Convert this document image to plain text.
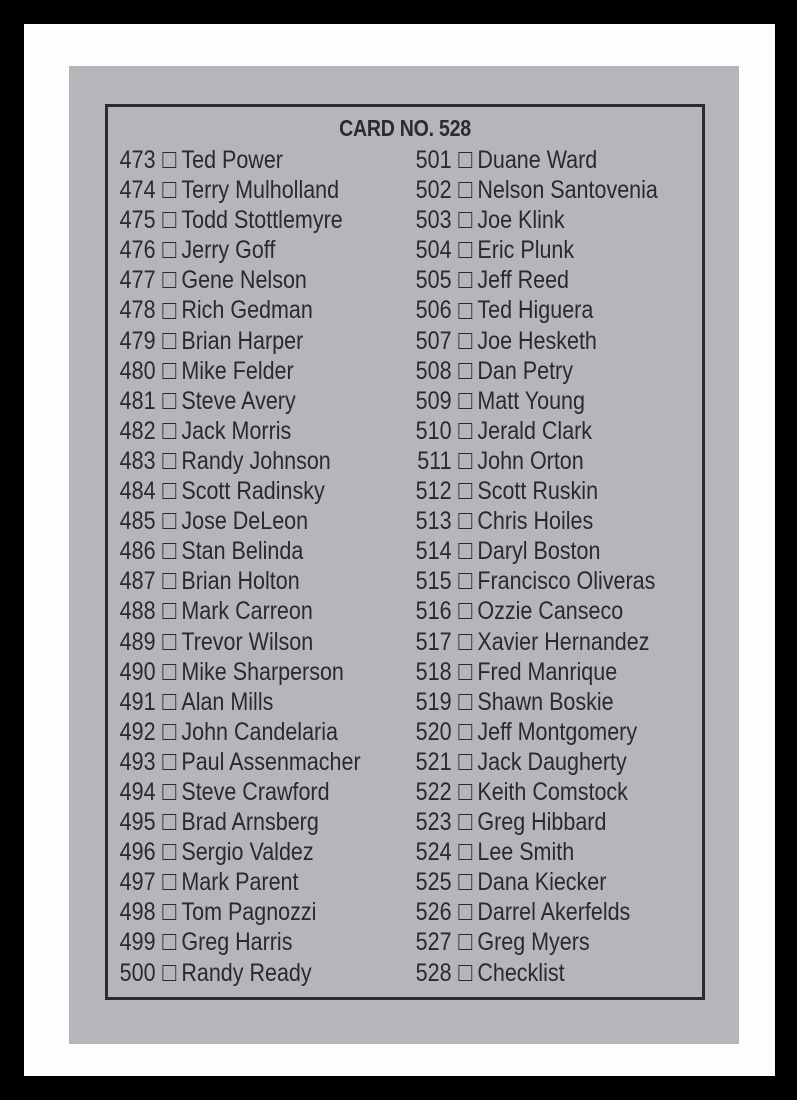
CARD NO. 528
473 Ted Power
474 Terry Mulholland
475 Todd Stottlemyre
476 Jerry Goff
477 Gene Nelson
478 Rich Gedman
479 Brian Harper
480 Mike Felder
481 Steve Avery
482 Jack Morris
483 Randy Johnson
484 Scott Radinsky
485 Jose DeLeon
486 Stan Belinda
487 Brian Holton
488 Mark Carreon
489 Trevor Wilson
490 Mike Sharperson
491 Alan Mills
492 John Candelaria
493 Paul Assenmacher
494 Steve Crawford
495 Brad Arnsberg
496 Sergio Valdez
497 Mark Parent
498 Tom Pagnozzi
499 Greg Harris
500 Randy Ready
501 Duane Ward
502 Nelson Santovenia
503 Joe Klink
504 Eric Plunk
505 Jeff Reed
506 Ted Higuera
507 Joe Hesketh
508 Dan Petry
509 Matt Young
510 Jerald Clark
511 John Orton
512 Scott Ruskin
513 Chris Hoiles
514 Daryl Boston
515 Francisco Oliveras
516 Ozzie Canseco
517 Xavier Hernandez
518 Fred Manrique
519 Shawn Boskie
520 Jeff Montgomery
521 Jack Daugherty
522 Keith Comstock
523 Greg Hibbard
524 Lee Smith
525 Dana Kiecker
526 Darrel Akerfelds
527 Greg Myers
528 Checklist
